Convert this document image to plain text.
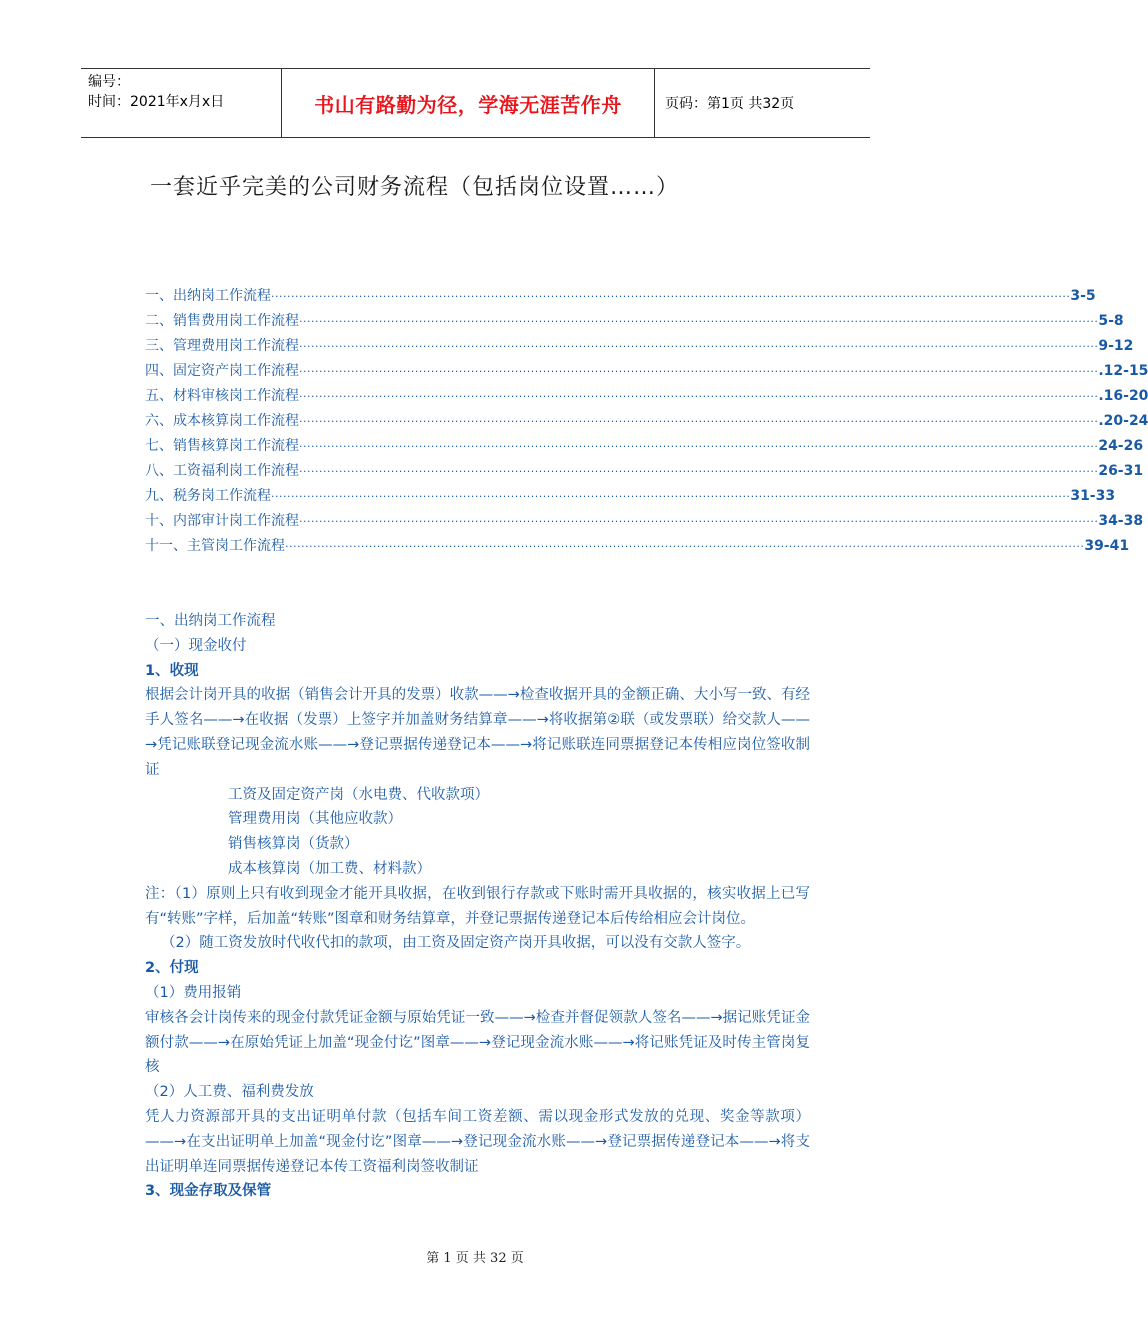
编号：
时间：2021年x月x日	书山有路勤为径，学海无涯苦作舟	页码：第1页 共32页
一套近乎完美的公司财务流程（包括岗位设置……）
一、出纳岗工作流程 ········································································································································································································ 3-5
二、销售费用岗工作流程 ········································································································································································································ 5-8
三、管理费用岗工作流程 ········································································································································································································ 9-12
四、固定资产岗工作流程 ········································································································································································································ .12-15
五、材料审核岗工作流程 ········································································································································································································ .16-20
六、成本核算岗工作流程 ········································································································································································································ .20-24
七、销售核算岗工作流程 ········································································································································································································ 24-26
八、工资福利岗工作流程 ········································································································································································································ 26-31
九、税务岗工作流程 ········································································································································································································ 31-33
十、内部审计岗工作流程 ········································································································································································································ 34-38
十一、主管岗工作流程 ········································································································································································································ 39-41
一、出纳岗工作流程
（一）现金收付
1、收现
根据会计岗开具的收据（销售会计开具的发票）收款——→检查收据开具的金额正确、大小写一致、有经手人签名——→在收据（发票）上签字并加盖财务结算章——→将收据第②联（或发票联）给交款人——→凭记账联登记现金流水账——→登记票据传递登记本——→将记账联连同票据登记本传相应岗位签收制证
工资及固定资产岗（水电费、代收款项）
管理费用岗（其他应收款）
销售核算岗（货款）
成本核算岗（加工费、材料款）
注：（1）原则上只有收到现金才能开具收据，在收到银行存款或下账时需开具收据的，核实收据上已写有“转账”字样，后加盖“转账”图章和财务结算章，并登记票据传递登记本后传给相应会计岗位。
（2）随工资发放时代收代扣的款项，由工资及固定资产岗开具收据，可以没有交款人签字。
2、付现
（1）费用报销
审核各会计岗传来的现金付款凭证金额与原始凭证一致——→检查并督促领款人签名——→据记账凭证金额付款——→在原始凭证上加盖“现金付讫”图章——→登记现金流水账——→将记账凭证及时传主管岗复核
（2）人工费、福利费发放
凭人力资源部开具的支出证明单付款（包括车间工资差额、需以现金形式发放的兑现、奖金等款项）——→在支出证明单上加盖“现金付讫”图章——→登记现金流水账——→登记票据传递登记本——→将支出证明单连同票据传递登记本传工资福利岗签收制证
3、现金存取及保管
第 1 页 共 32 页
